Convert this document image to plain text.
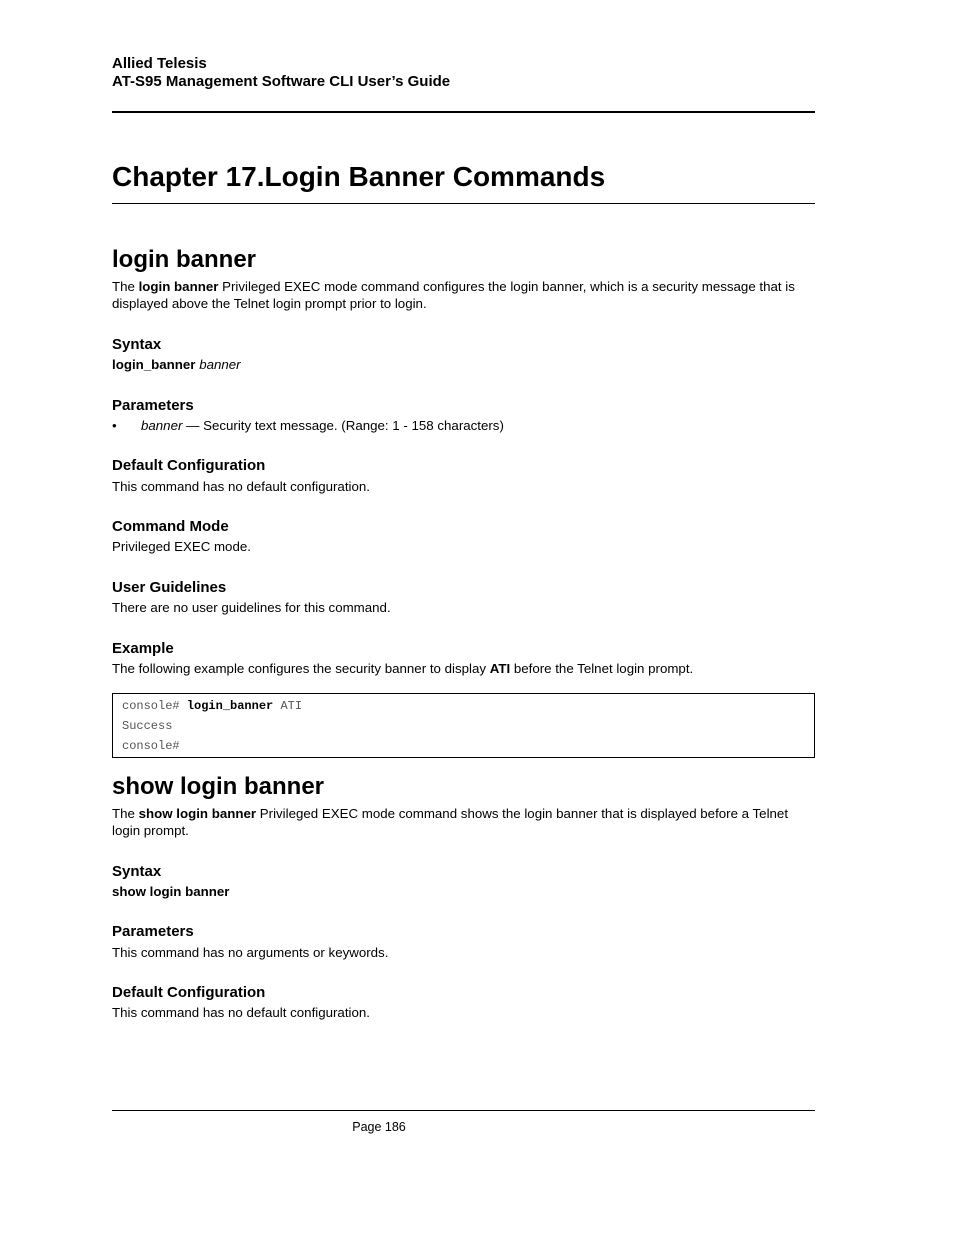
Allied Telesis
AT-S95 Management Software CLI User’s Guide
Chapter 17.Login Banner Commands
login banner
The login banner Privileged EXEC mode command configures the login banner, which is a security message that is displayed above the Telnet login prompt prior to login.
Syntax
login_banner banner
Parameters
• banner — Security text message. (Range: 1 - 158 characters)
Default Configuration
This command has no default configuration.
Command Mode
Privileged EXEC mode.
User Guidelines
There are no user guidelines for this command.
Example
The following example configures the security banner to display ATI before the Telnet login prompt.
console# login_banner ATI
Success
console#
show login banner
The show login banner Privileged EXEC mode command shows the login banner that is displayed before a Telnet login prompt.
Syntax
show login banner
Parameters
This command has no arguments or keywords.
Default Configuration
This command has no default configuration.
Page 186
